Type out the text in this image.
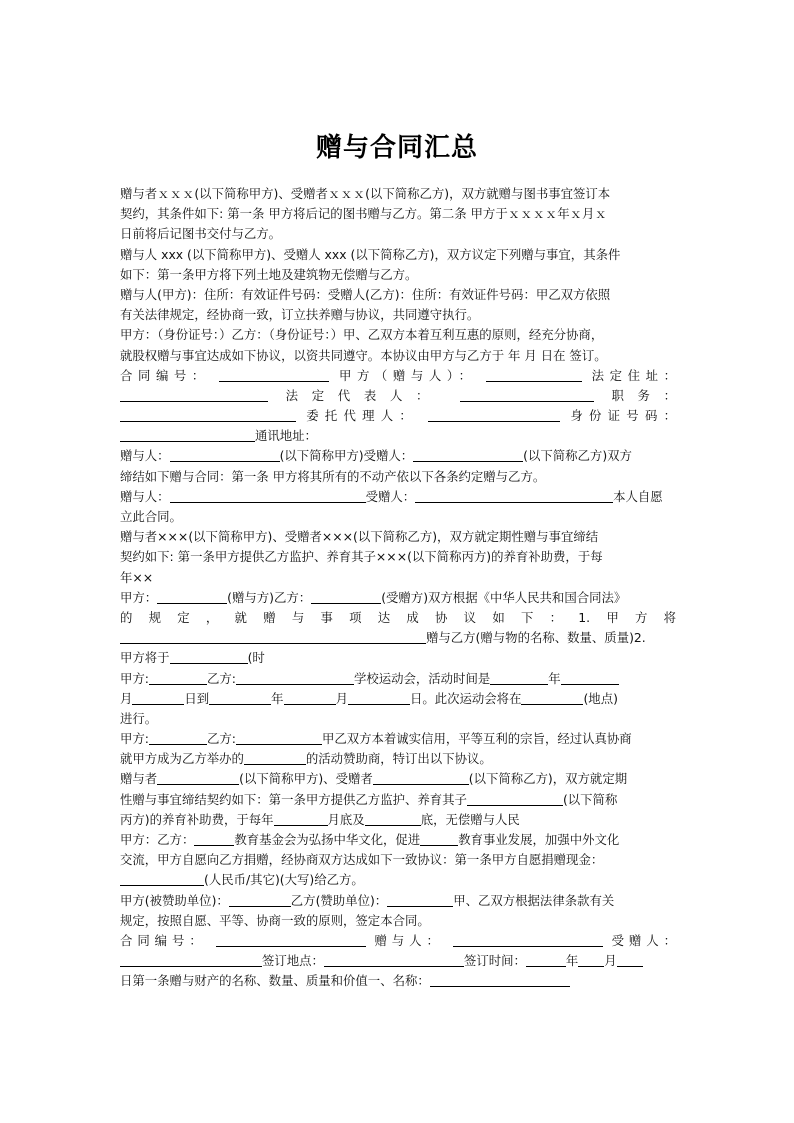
赠与合同汇总
赠与者ｘｘｘ(以下简称甲方)、受赠者ｘｘｘ(以下简称乙方)，双方就赠与图书事宜签订本
契约，其条件如下: 第一条 甲方将后记的图书赠与乙方。第二条 甲方于ｘｘｘｘ年ｘ月ｘ
日前将后记图书交付与乙方。
赠与人 xxx (以下简称甲方)、受赠人 xxx (以下简称乙方)，双方议定下列赠与事宜，其条件
如下：第一条甲方将下列土地及建筑物无偿赠与乙方。
赠与人(甲方)：住所：有效证件号码：受赠人(乙方)：住所：有效证件号码：甲乙双方依照
有关法律规定，经协商一致，订立扶养赠与协议，共同遵守执行。
甲方：（身份证号：）乙方：（身份证号：）甲、乙双方本着互利互惠的原则，经充分协商，
就股权赠与事宜达成如下协议，以资共同遵守。本协议由甲方与乙方于 年 月 日在 签订。
合同编号：	甲方（赠与人）：	法定住址：
法定代表人：	职务：
委托代理人：	身份证号码：
通讯地址：
赠与人：	(以下简称甲方)受赠人：	(以下简称乙方)双方
缔结如下赠与合同：第一条 甲方将其所有的不动产依以下各条约定赠与乙方。
赠与人：	受赠人：	本人自愿
立此合同。
赠与者×××(以下简称甲方)、受赠者×××(以下简称乙方)，双方就定期性赠与事宜缔结
契约如下: 第一条甲方提供乙方监护、养育其子×××(以下简称丙方)的养育补助费，于每
年××
甲方：	(赠与方)乙方：	(受赠方)双方根据《中华人民共和国合同法》
的规定，就赠与事项达成协议如下：1.甲方将
赠与乙方(赠与物的名称、数量、质量)2.
甲方将于	(时
甲方:	乙方:	学校运动会，活动时间是	年
月	日到	年	月	日。此次运动会将在	(地点)
进行。
甲方:	乙方:	甲乙双方本着诚实信用，平等互利的宗旨，经过认真协商
就甲方成为乙方举办的	的活动赞助商，特订出以下协议。
赠与者	(以下简称甲方)、受赠者	(以下简称乙方)，双方就定期
性赠与事宜缔结契约如下：第一条甲方提供乙方监护、养育其子	(以下简称
丙方)的养育补助费，于每年	月底及	底，无偿赠与人民
甲方：乙方：	教育基金会为弘扬中华文化，促进	教育事业发展，加强中外文化
交流，甲方自愿向乙方捐赠，经协商双方达成如下一致协议：第一条甲方自愿捐赠现金：
(人民币/其它)(大写)给乙方。
甲方(被赞助单位)：	乙方(赞助单位)：	甲、乙双方根据法律条款有关
规定，按照自愿、平等、协商一致的原则，签定本合同。
合同编号：	赠与人：	受赠人：
签订地点：	签订时间：	年 月
日第一条赠与财产的名称、数量、质量和价值一、名称：
